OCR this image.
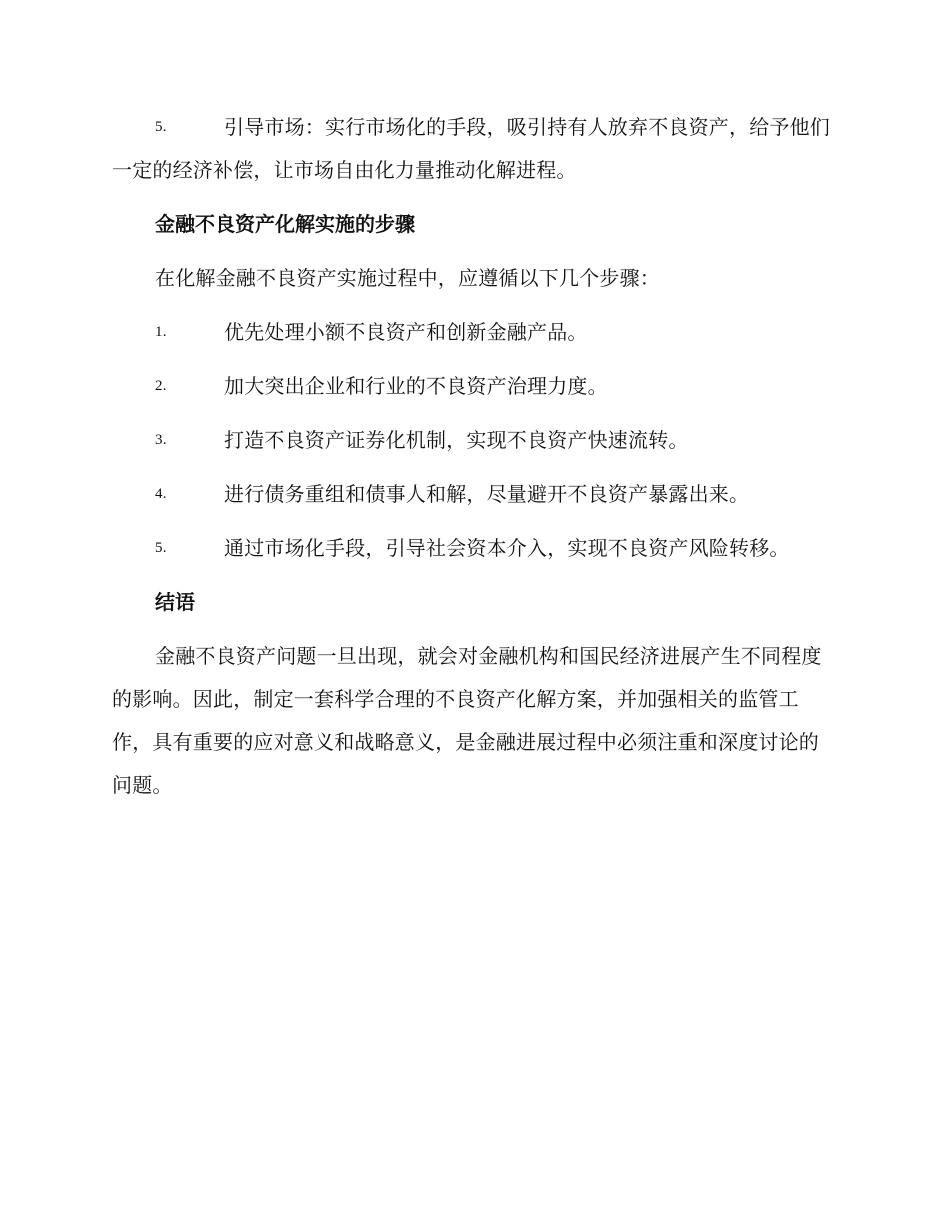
5.	引导市场：实行市场化的手段，吸引持有人放弃不良资产，给予他们一定的经济补偿，让市场自由化力量推动化解进程。
金融不良资产化解实施的步骤
在化解金融不良资产实施过程中，应遵循以下几个步骤：
1.	优先处理小额不良资产和创新金融产品。
2.	加大突出企业和行业的不良资产治理力度。
3.	打造不良资产证券化机制，实现不良资产快速流转。
4.	进行债务重组和债事人和解，尽量避开不良资产暴露出来。
5.	通过市场化手段，引导社会资本介入，实现不良资产风险转移。
结语
金融不良资产问题一旦出现，就会对金融机构和国民经济进展产生不同程度的影响。因此，制定一套科学合理的不良资产化解方案，并加强相关的监管工作，具有重要的应对意义和战略意义，是金融进展过程中必须注重和深度讨论的问题。
